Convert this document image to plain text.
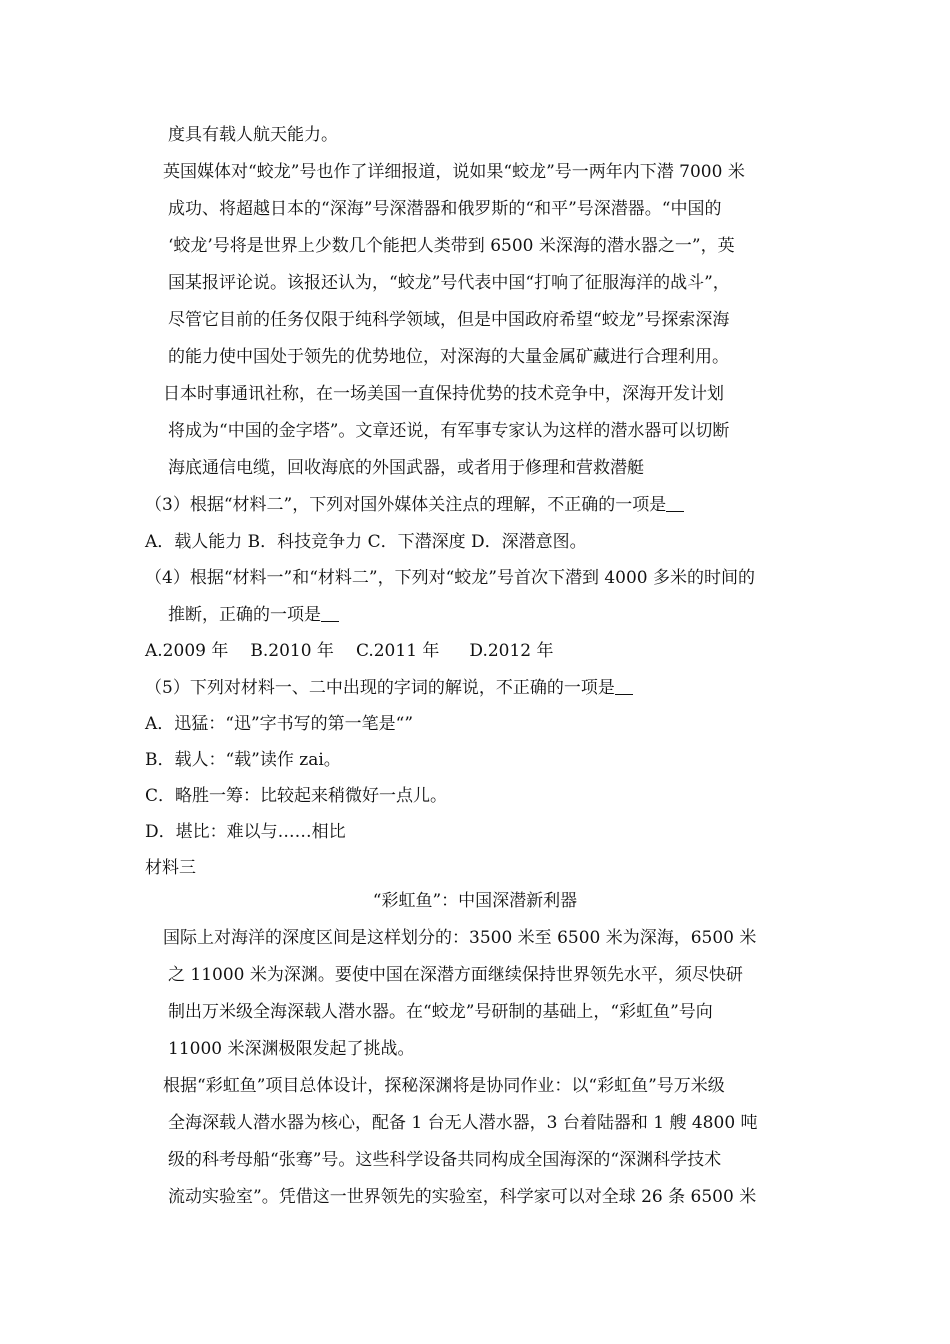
度具有载人航天能力。
英国媒体对“蛟龙”号也作了详细报道，说如果“蛟龙”号一两年内下潜 7000 米
成功、将超越日本的“深海”号深潜器和俄罗斯的“和平”号深潜器。“中国的
‘蛟龙’号将是世界上少数几个能把人类带到 6500 米深海的潜水器之一”，英
国某报评论说。该报还认为，“蛟龙”号代表中国“打响了征服海洋的战斗”，
尽管它目前的任务仅限于纯科学领域，但是中国政府希望“蛟龙”号探索深海
的能力使中国处于领先的优势地位，对深海的大量金属矿藏进行合理利用。
日本时事通讯社称，在一场美国一直保持优势的技术竞争中，深海开发计划
将成为“中国的金字塔”。文章还说，有军事专家认为这样的潜水器可以切断
海底通信电缆，回收海底的外国武器，或者用于修理和营救潜艇
（3）根据“材料二”，下列对国外媒体关注点的理解，不正确的一项是
A．载人能力 B．科技竞争力 C．下潜深度 D．深潜意图。
（4）根据“材料一”和“材料二”，下列对“蛟龙”号首次下潜到 4000 多米的时间的
推断，正确的一项是
A.2009 年 B.2010 年 C.2011 年 D.2012 年
（5）下列对材料一、二中出现的字词的解说，不正确的一项是
A．迅猛：“迅”字书写的第一笔是“”
B．载人：“载”读作 zai。
C．略胜一筹：比较起来稍微好一点儿。
D．堪比：难以与……相比
材料三
“彩虹鱼”：中国深潜新利器
国际上对海洋的深度区间是这样划分的：3500 米至 6500 米为深海，6500 米
之 11000 米为深渊。要使中国在深潜方面继续保持世界领先水平，须尽快研
制出万米级全海深载人潜水器。在“蛟龙”号研制的基础上，“彩虹鱼”号向
11000 米深渊极限发起了挑战。
根据“彩虹鱼”项目总体设计，探秘深渊将是协同作业：以“彩虹鱼”号万米级
全海深载人潜水器为核心，配备 1 台无人潜水器，3 台着陆器和 1 艘 4800 吨
级的科考母船“张骞”号。这些科学设备共同构成全国海深的“深渊科学技术
流动实验室”。凭借这一世界领先的实验室，科学家可以对全球 26 条 6500 米
